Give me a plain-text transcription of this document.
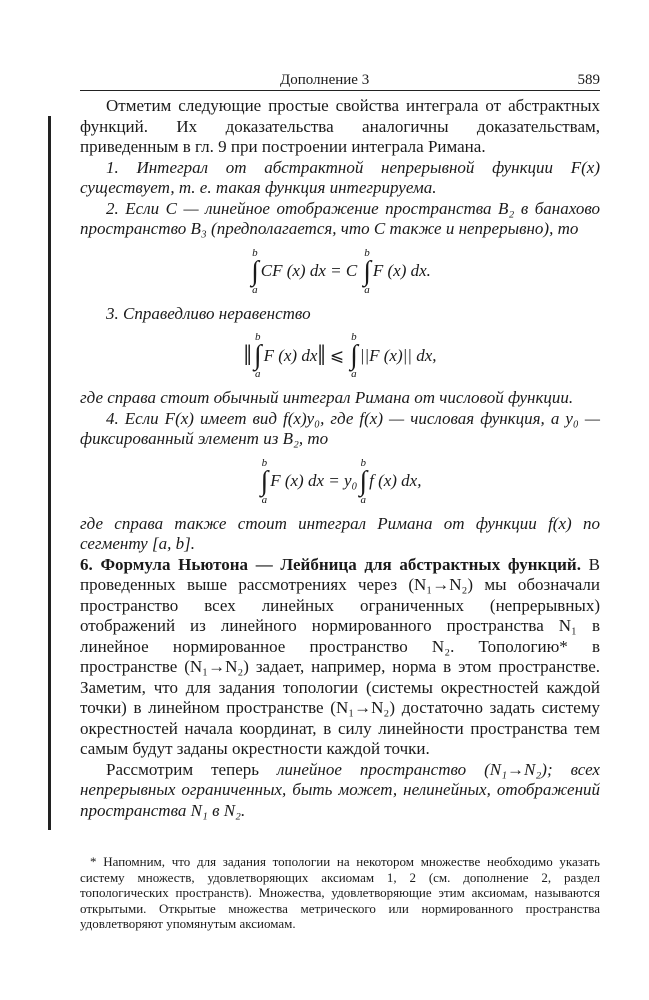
Дополнение 3	589

Отметим следующие простые свойства интеграла от абстрактных функций. Их доказательства аналогичны доказательствам, приведенным в гл. 9 при построении интеграла Римана.

1. Интеграл от абстрактной непрерывной функции F(x) существует, т. е. такая функция интегрируема.

2. Если C — линейное отображение пространства B₂ в банахово пространство B₃ (предполагается, что C также и непрерывно), то

b
∫
a
CF (x) dx = C
b
∫
a
F (x) dx.

3. Справедливо неравенство

‖
b
∫
a
F (x) dx ‖ ⩽
b
∫
a
||F (x)|| dx,

где справа стоит обычный интеграл Римана от числовой функции.

4. Если F(x) имеет вид f(x)y₀, где f(x) — числовая функция, а y₀ — фиксированный элемент из B₂, то

b
∫
a
F (x) dx = y₀
b
∫
a
f (x) dx,

где справа также стоит интеграл Римана от функции f(x) по сегменту [a, b].

6. Формула Ньютона — Лейбница для абстрактных функций. В проведенных выше рассмотрениях через (N₁→N₂) мы обозначали пространство всех линейных ограниченных (непрерывных) отображений из линейного нормированного пространства N₁ в линейное нормированное пространство N₂. Топологию* в пространстве (N₁→N₂) задает, например, норма в этом пространстве. Заметим, что для задания топологии (системы окрестностей каждой точки) в линейном пространстве (N₁→N₂) достаточно задать систему окрестностей начала координат, в силу линейности пространства тем самым будут заданы окрестности каждой точки.

Рассмотрим теперь линейное пространство (N₁→N₂); всех непрерывных ограниченных, быть может, нелинейных, отображений пространства N₁ в N₂.

* Напомним, что для задания топологии на некотором множестве необходимо указать систему множеств, удовлетворяющих аксиомам 1, 2 (см. дополнение 2, раздел топологических пространств). Множества, удовлетворяющие этим аксиомам, называются открытыми. Открытые множества метрического или нормированного пространства удовлетворяют упомянутым аксиомам.
